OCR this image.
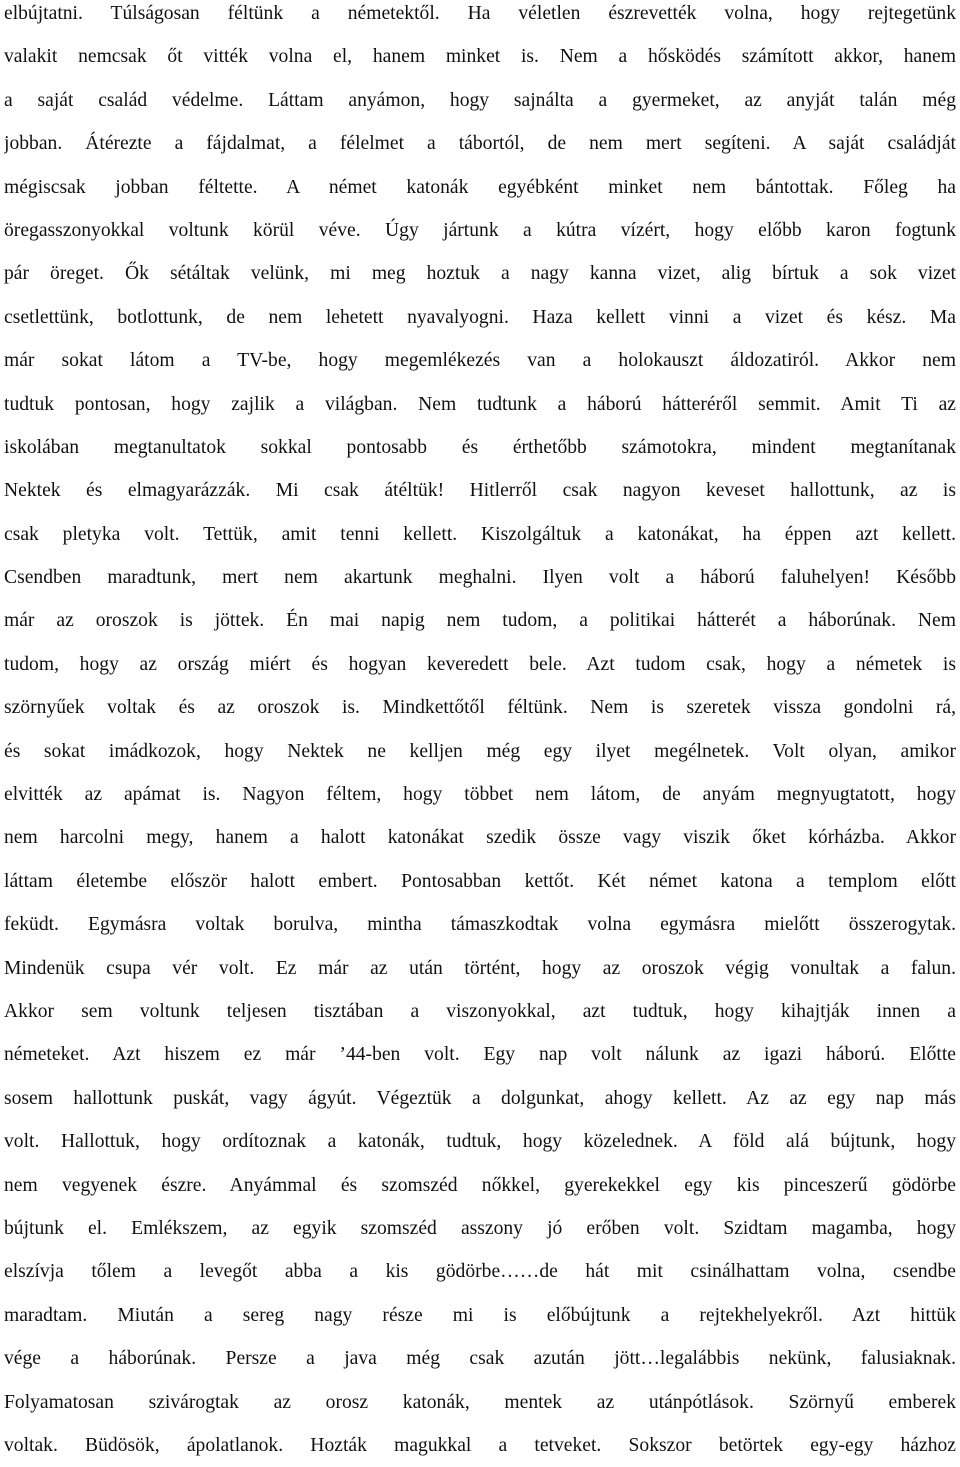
elbújtatni. Túlságosan féltünk a németektől. Ha véletlen észrevették volna, hogy rejtegetünk
valakit nemcsak őt vitték volna el, hanem minket is. Nem a hősködés számított akkor, hanem
a saját család védelme. Láttam anyámon, hogy sajnálta a gyermeket, az anyját talán még
jobban. Átérezte a fájdalmat, a félelmet a tábortól, de nem mert segíteni. A saját családját
mégiscsak jobban féltette. A német katonák egyébként minket nem bántottak. Főleg ha
öregasszonyokkal voltunk körül véve. Úgy jártunk a kútra vízért, hogy előbb karon fogtunk
pár öreget. Ők sétáltak velünk, mi meg hoztuk a nagy kanna vizet, alig bírtuk a sok vizet
csetlettünk, botlottunk, de nem lehetett nyavalyogni. Haza kellett vinni a vizet és kész. Ma
már sokat látom a TV-be, hogy megemlékezés van a holokauszt áldozatiról. Akkor nem
tudtuk pontosan, hogy zajlik a világban. Nem tudtunk a háború hátteréről semmit. Amit Ti az
iskolában megtanultatok sokkal pontosabb és érthetőbb számotokra, mindent megtanítanak
Nektek és elmagyarázzák. Mi csak átéltük! Hitlerről csak nagyon keveset hallottunk, az is
csak pletyka volt. Tettük, amit tenni kellett. Kiszolgáltuk a katonákat, ha éppen azt kellett.
Csendben maradtunk, mert nem akartunk meghalni. Ilyen volt a háború faluhelyen! Később
már az oroszok is jöttek. Én mai napig nem tudom, a politikai hátterét a háborúnak. Nem
tudom, hogy az ország miért és hogyan keveredett bele. Azt tudom csak, hogy a németek is
szörnyűek voltak és az oroszok is. Mindkettőtől féltünk. Nem is szeretek vissza gondolni rá,
és sokat imádkozok, hogy Nektek ne kelljen még egy ilyet megélnetek. Volt olyan, amikor
elvitték az apámat is. Nagyon féltem, hogy többet nem látom, de anyám megnyugtatott, hogy
nem harcolni megy, hanem a halott katonákat szedik össze vagy viszik őket kórházba. Akkor
láttam életembe először halott embert. Pontosabban kettőt. Két német katona a templom előtt
feküdt. Egymásra voltak borulva, mintha támaszkodtak volna egymásra mielőtt összerogytak.
Mindenük csupa vér volt. Ez már az után történt, hogy az oroszok végig vonultak a falun.
Akkor sem voltunk teljesen tisztában a viszonyokkal, azt tudtuk, hogy kihajtják innen a
németeket. Azt hiszem ez már ’44-ben volt. Egy nap volt nálunk az igazi háború. Előtte
sosem hallottunk puskát, vagy ágyút. Végeztük a dolgunkat, ahogy kellett. Az az egy nap más
volt. Hallottuk, hogy ordítoznak a katonák, tudtuk, hogy közelednek. A föld alá bújtunk, hogy
nem vegyenek észre. Anyámmal és szomszéd nőkkel, gyerekekkel egy kis pinceszerű gödörbe
bújtunk el. Emlékszem, az egyik szomszéd asszony jó erőben volt. Szidtam magamba, hogy
elszívja tőlem a levegőt abba a kis gödörbe……de hát mit csinálhattam volna, csendbe
maradtam. Miután a sereg nagy része mi is előbújtunk a rejtekhelyekről. Azt hittük
vége a háborúnak. Persze a java még csak azután jött…legalábbis nekünk, falusiaknak.
Folyamatosan szivárogtak az orosz katonák, mentek az utánpótlások. Szörnyű emberek
voltak. Büdösök, ápolatlanok. Hozták magukkal a tetveket. Sokszor betörtek egy-egy házhoz
